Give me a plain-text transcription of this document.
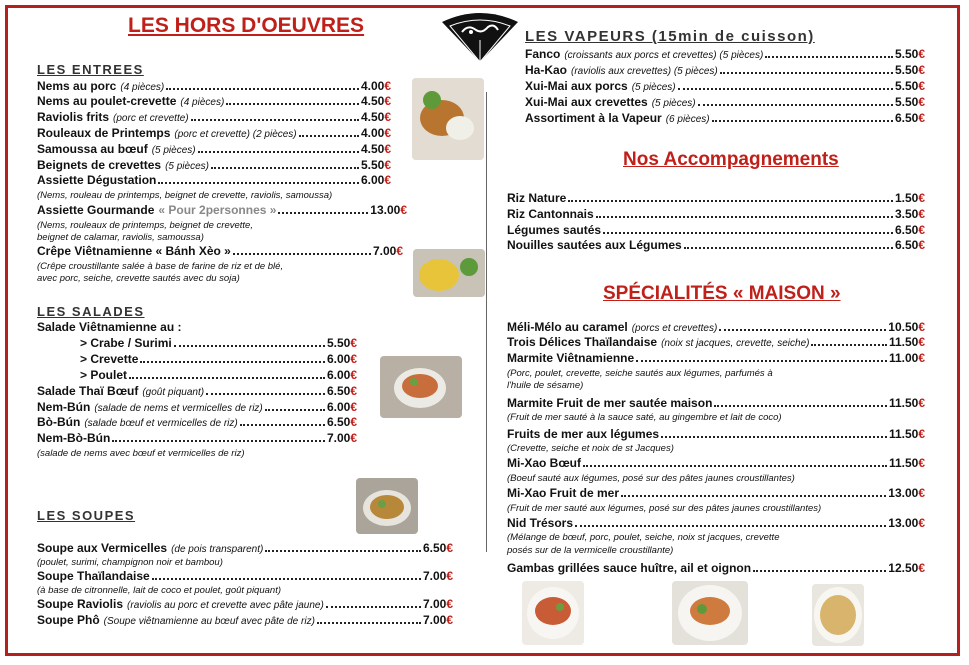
LES HORS D'OEUVRES
LES ENTREES
Nems au porc (4 pièces)	4.00 €
Nems au poulet-crevette (4 pièces)	4.50 €
Raviolis frits (porc et crevette)	4.50 €
Rouleaux de Printemps (porc et crevette) (2 pièces)	4.00 €
Samoussa au bœuf (5 pièces)	4.50 €
Beignets de crevettes (5 pièces)	5.50 €
Assiette Dégustation	6.00 €
(Nems, rouleau de printemps, beignet de crevette, raviolis, samoussa)
Assiette Gourmande « Pour 2personnes »	13.00 €
(Nems, rouleaux de printemps, beignet de crevette,
beignet de calamar, raviolis, samoussa)
Crêpe Viêtnamienne « Bánh Xèo »	7.00 €
(Crêpe croustillante salée à base de farine de riz et de blé,
avec porc, seiche, crevette sautés avec du soja)
LES SALADES
Salade Viêtnamienne au :
> Crabe / Surimi	5.50 €
> Crevette	6.00 €
> Poulet	6.00 €
Salade Thaï Bœuf (goût piquant)	6.50 €
Nem-Bún (salade de nems et vermicelles de riz)	6.00 €
Bò-Bún (salade bœuf et vermicelles de riz)	6.50 €
Nem-Bò-Bún	7.00 €
(salade de nems avec bœuf et vermicelles de riz)
LES SOUPES
Soupe aux Vermicelles (de pois transparent)	6.50 €
(poulet, surimi, champignon noir et bambou)
Soupe Thaïlandaise	7.00 €
(à base de citronnelle, lait de coco et poulet, goût piquant)
Soupe Raviolis (raviolis au porc et crevette avec pâte jaune)	7.00 €
Soupe Phô (Soupe viêtnamienne au bœuf avec pâte de riz)	7.00 €
LES VAPEURS (15min de cuisson)
Fanco (croissants aux porcs et crevettes) (5 pièces)	5.50 €
Ha-Kao (raviolis aux crevettes) (5 pièces)	5.50 €
Xui-Mai aux porcs (5 pièces)	5.50 €
Xui-Mai aux crevettes (5 pièces)	5.50 €
Assortiment à la Vapeur (6 pièces)	6.50 €
Nos Accompagnements
Riz Nature	1.50 €
Riz Cantonnais	3.50 €
Légumes sautés	6.50 €
Nouilles sautées aux Légumes	6.50 €
SPÉCIALITÉS « MAISON »
Méli-Mélo au caramel (porcs et crevettes)	10.50 €
Trois Délices Thaïlandaise (noix st jacques, crevette, seiche)	11.50 €
Marmite Viêtnamienne	11.00 €
(Porc, poulet, crevette, seiche sautés aux légumes, parfumés à
l'huile de sésame)
Marmite Fruit de mer sautée maison	11.50 €
(Fruit de mer sauté à la sauce saté, au gingembre et lait de coco)
Fruits de mer aux légumes	11.50 €
(Crevette, seiche et noix de st Jacques)
Mi-Xao Bœuf	11.50 €
(Boeuf sauté aux légumes, posé sur des pâtes jaunes croustillantes)
Mi-Xao Fruit de mer	13.00 €
(Fruit de mer sauté aux légumes, posé sur des pâtes jaunes croustillantes)
Nid Trésors	13.00 €
(Mélange de bœuf, porc, poulet, seiche, noix st jacques, crevette
posés sur de la vermicelle croustillante)
Gambas grillées sauce huître, ail et oignon	12.50 €
